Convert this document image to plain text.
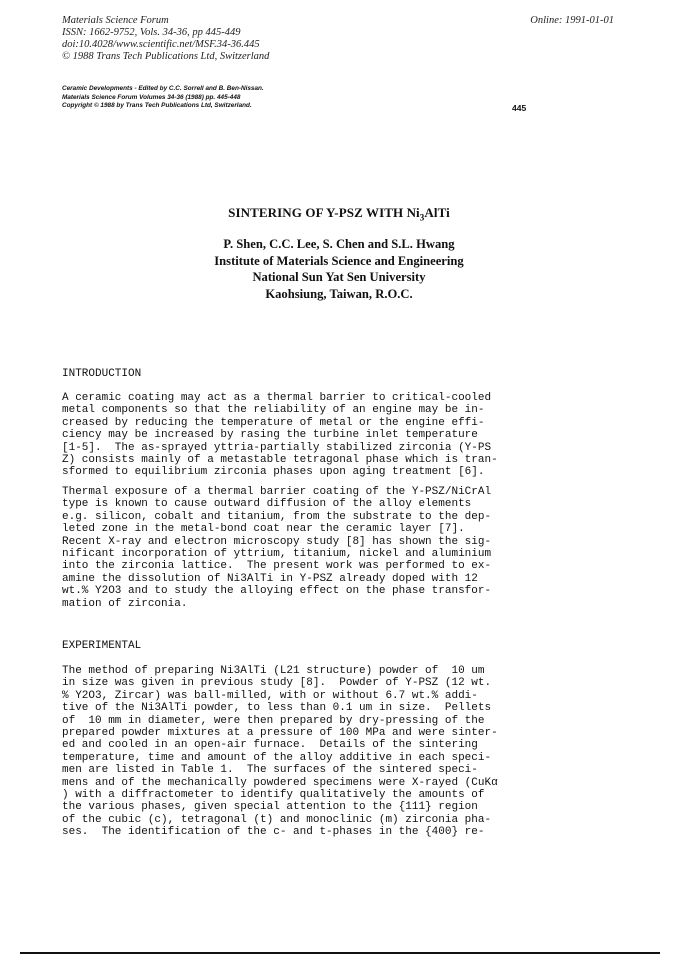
Materials Science Forum
ISSN: 1662-9752, Vols. 34-36, pp 445-449
doi:10.4028/www.scientific.net/MSF.34-36.445
© 1988 Trans Tech Publications Ltd, Switzerland
Online: 1991-01-01
Ceramic Developments - Edited by C.C. Sorrell and B. Ben-Nissan.
Materials Science Forum Volumes 34-36 (1988) pp. 445-448
Copyright © 1988 by Trans Tech Publications Ltd, Switzerland.	445
SINTERING OF Y-PSZ WITH $Ni_3AlTi$
P. Shen, C.C. Lee, S. Chen and S.L. Hwang
Institute of Materials Science and Engineering
National Sun Yat Sen University
Kaohsiung, Taiwan, R.O.C.
INTRODUCTION
A ceramic coating may act as a thermal barrier to critical-cooled
metal components so that the reliability of an engine may be in-
creased by reducing the temperature of metal or the engine effi-
ciency may be increased by rasing the turbine inlet temperature
[1-5].  The as-sprayed yttria-partially stabilized zirconia (Y-PS
Z) consists mainly of a metastable tetragonal phase which is tran-
sformed to equilibrium zirconia phases upon aging treatment [6].
Thermal exposure of a thermal barrier coating of the Y-PSZ/NiCrAl
type is known to cause outward diffusion of the alloy elements
e.g. silicon, cobalt and titanium, from the substrate to the dep-
leted zone in the metal-bond coat near the ceramic layer [7].
Recent X-ray and electron microscopy study [8] has shown the sig-
nificant incorporation of yttrium, titanium, nickel and aluminium
into the zirconia lattice.  The present work was performed to ex-
amine the dissolution of Ni3AlTi in Y-PSZ already doped with 12
wt.% Y2O3 and to study the alloying effect on the phase transfor-
mation of zirconia.
EXPERIMENTAL
The method of preparing Ni3AlTi (L21 structure) powder of  10 um
in size was given in previous study [8].  Powder of Y-PSZ (12 wt.
% Y2O3, Zircar) was ball-milled, with or without 6.7 wt.% addi-
tive of the Ni3AlTi powder, to less than 0.1 um in size.  Pellets
of  10 mm in diameter, were then prepared by dry-pressing of the
prepared powder mixtures at a pressure of 100 MPa and were sinter-
ed and cooled in an open-air furnace.  Details of the sintering
temperature, time and amount of the alloy additive in each speci-
men are listed in Table 1.  The surfaces of the sintered speci-
mens and of the mechanically powdered specimens were X-rayed (CuKα
) with a diffractometer to identify qualitatively the amounts of
the various phases, given special attention to the {111} region
of the cubic (c), tetragonal (t) and monoclinic (m) zirconia pha-
ses.  The identification of the c- and t-phases in the {400} re-
